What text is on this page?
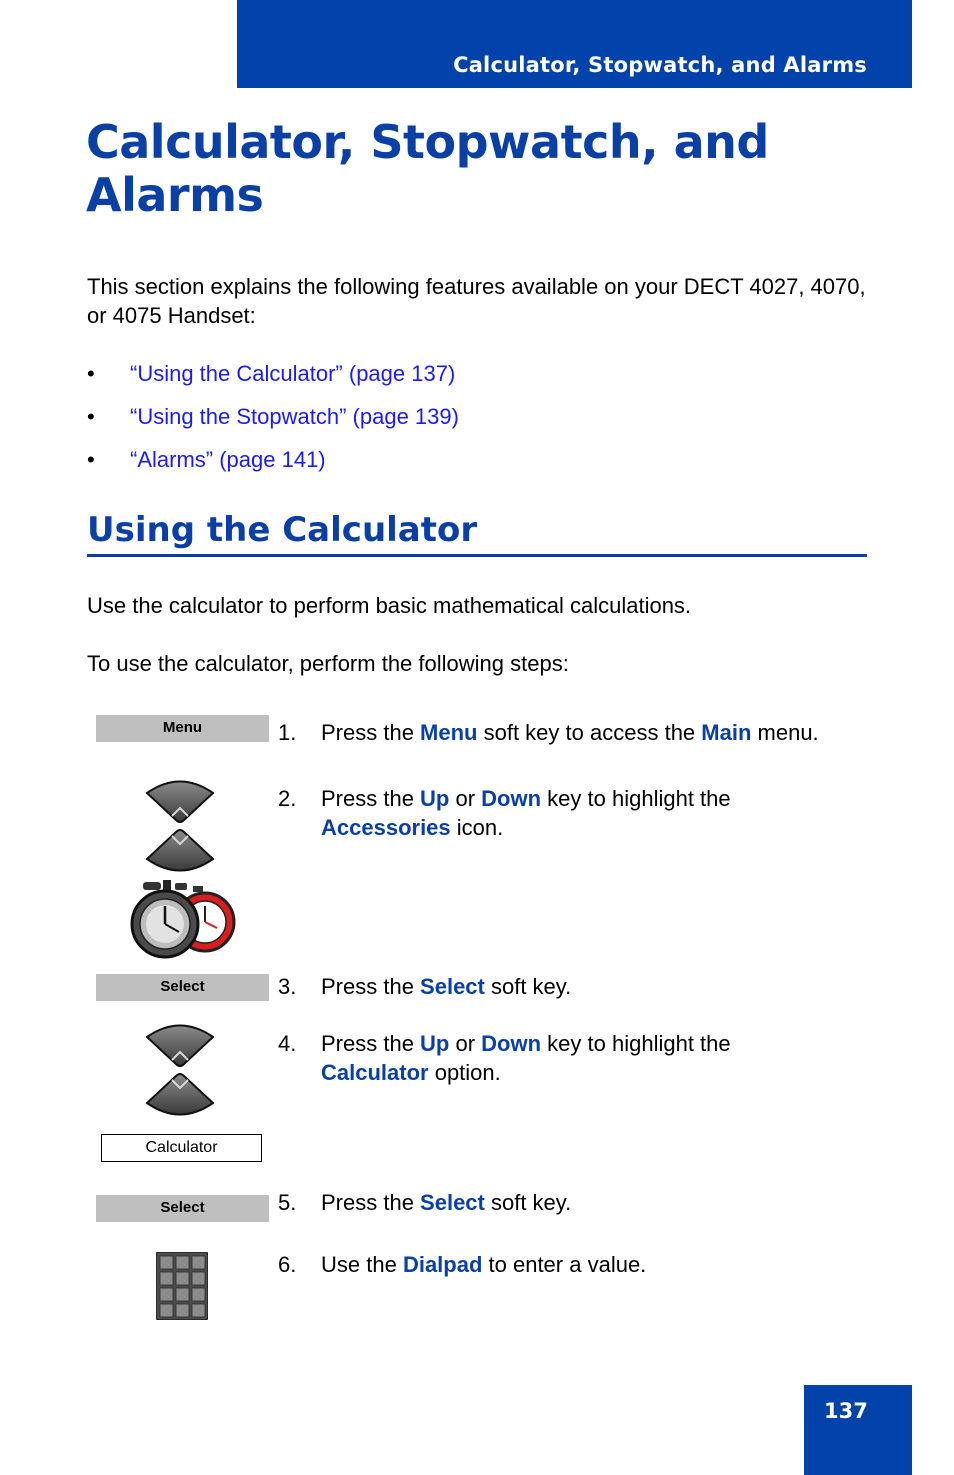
Calculator, Stopwatch, and Alarms
Calculator, Stopwatch, and Alarms

This section explains the following features available on your DECT 4027, 4070, or 4075 Handset:

• “Using the Calculator” (page 137)
• “Using the Stopwatch” (page 139)
• “Alarms” (page 141)
Using the Calculator

Use the calculator to perform basic mathematical calculations.

To use the calculator, perform the following steps:

Menu
Select
Calculator
Select
1. Press the Menu soft key to access the Main menu.
2. Press the Up or Down key to highlight the Accessories icon.
3. Press the Select soft key.
4. Press the Up or Down key to highlight the Calculator option.
5. Press the Select soft key.
6. Use the Dialpad to enter a value.
137
